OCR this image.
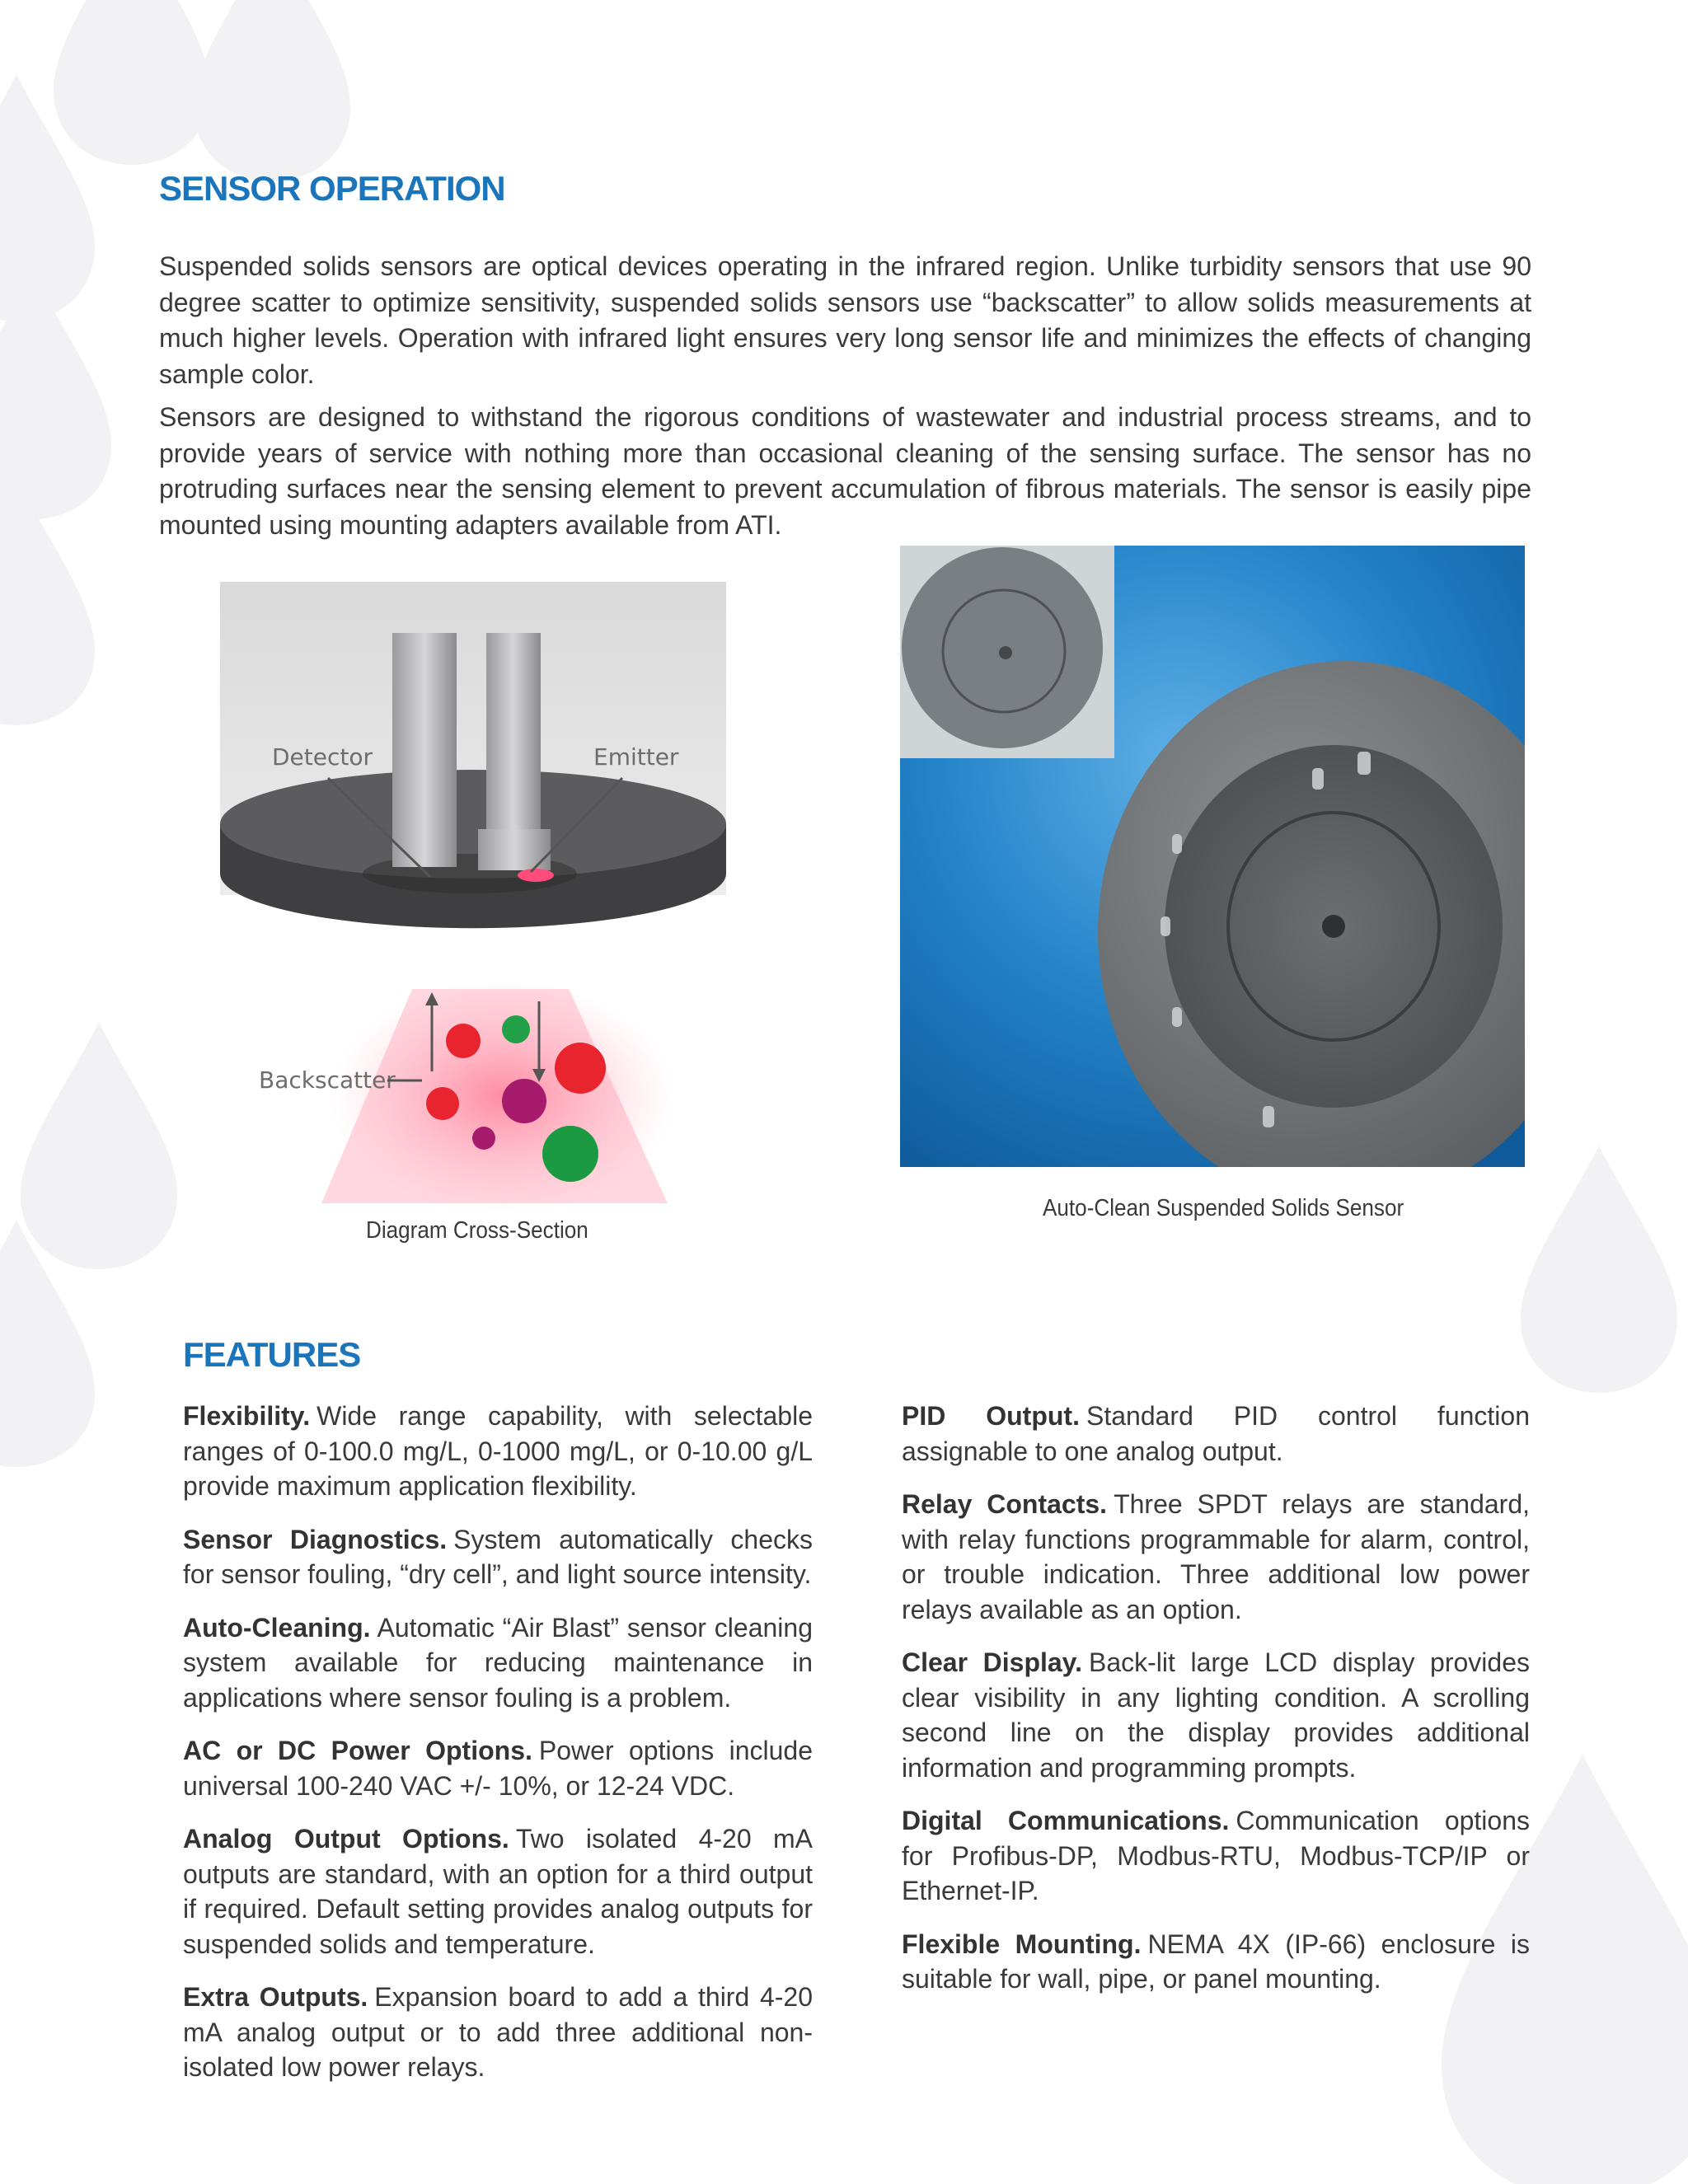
SENSOR OPERATION

Suspended solids sensors are optical devices operating in the infrared region. Unlike turbidity sensors that use 90 degree scatter to optimize sensitivity, suspended solids sensors use “backscatter” to allow solids measurements at much higher levels. Operation with infrared light ensures very long sensor life and minimizes the effects of changing sample color.

Sensors are designed to withstand the rigorous conditions of wastewater and industrial process streams, and to provide years of service with nothing more than occasional cleaning of the sensing surface. The sensor has no protruding surfaces near the sensing element to prevent accumulation of fibrous materials. The sensor is easily pipe mounted using mounting adapters available from ATI.

Detector	Emitter
Backscatter

Diagram Cross-Section

Auto-Clean Suspended Solids Sensor

FEATURES

Flexibility. Wide range capability, with selectable ranges of 0-100.0 mg/L, 0-1000 mg/L, or 0-10.00 g/L provide maximum application flexibility.

Sensor Diagnostics. System automatically checks for sensor fouling, “dry cell”, and light source intensity.

Auto-Cleaning. Automatic “Air Blast” sensor cleaning system available for reducing maintenance in applications where sensor fouling is a problem.

AC or DC Power Options. Power options include universal 100-240 VAC +/- 10%, or 12-24 VDC.

Analog Output Options. Two isolated 4-20 mA outputs are standard, with an option for a third output if required. Default setting provides analog outputs for suspended solids and temperature.

Extra Outputs. Expansion board to add a third 4-20 mA analog output or to add three additional non-isolated low power relays.

PID Output. Standard PID control function assignable to one analog output.

Relay Contacts. Three SPDT relays are standard, with relay functions programmable for alarm, control, or trouble indication. Three additional low power relays available as an option.

Clear Display. Back-lit large LCD display provides clear visibility in any lighting condition. A scrolling second line on the display provides additional information and programming prompts.

Digital Communications. Communication options for Profibus-DP, Modbus-RTU, Modbus-TCP/IP or Ethernet-IP.

Flexible Mounting. NEMA 4X (IP-66) enclosure is suitable for wall, pipe, or panel mounting.
